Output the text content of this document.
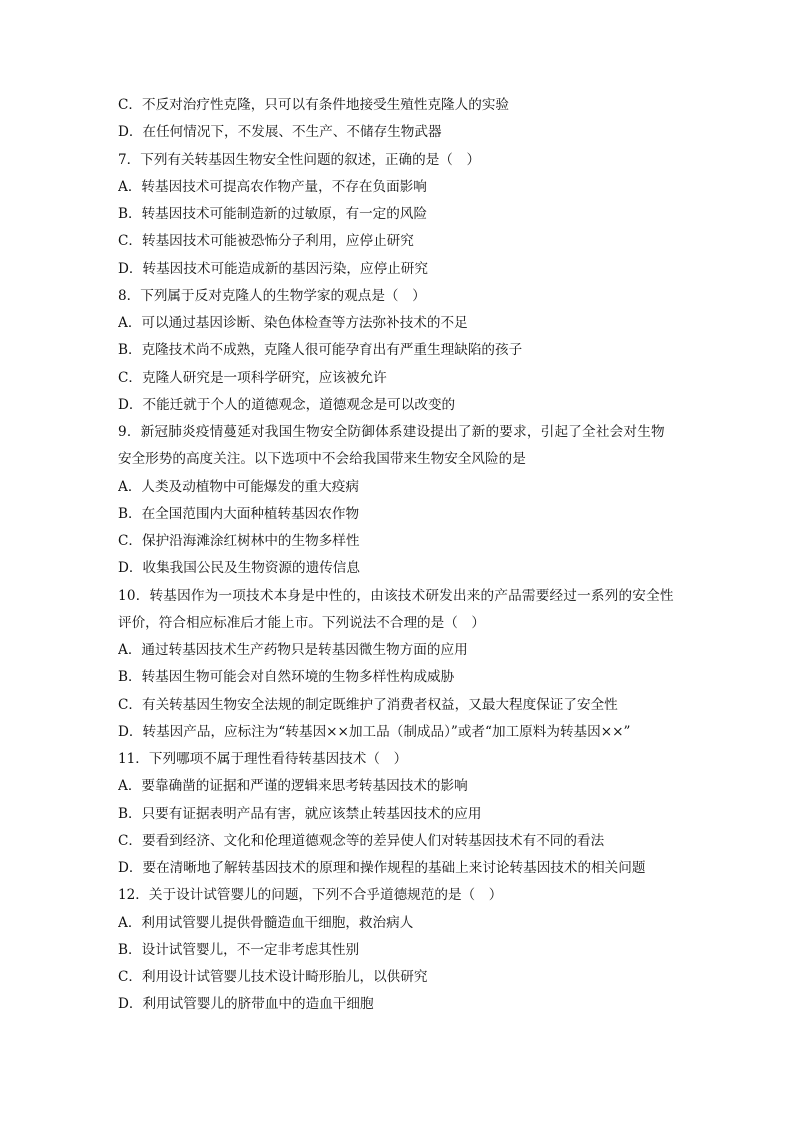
C．不反对治疗性克隆，只可以有条件地接受生殖性克隆人的实验
D．在任何情况下，不发展、不生产、不储存生物武器
7．下列有关转基因生物安全性问题的叙述，正确的是（　）
A．转基因技术可提高农作物产量，不存在负面影响
B．转基因技术可能制造新的过敏原，有一定的风险
C．转基因技术可能被恐怖分子利用，应停止研究
D．转基因技术可能造成新的基因污染，应停止研究
8．下列属于反对克隆人的生物学家的观点是（　）
A．可以通过基因诊断、染色体检查等方法弥补技术的不足
B．克隆技术尚不成熟，克隆人很可能孕育出有严重生理缺陷的孩子
C．克隆人研究是一项科学研究，应该被允许
D．不能迁就于个人的道德观念，道德观念是可以改变的
9．新冠肺炎疫情蔓延对我国生物安全防御体系建设提出了新的要求，引起了全社会对生物
安全形势的高度关注。以下选项中不会给我国带来生物安全风险的是
A．人类及动植物中可能爆发的重大疫病
B．在全国范围内大面种植转基因农作物
C．保护沿海滩涂红树林中的生物多样性
D．收集我国公民及生物资源的遗传信息
10．转基因作为一项技术本身是中性的，由该技术研发出来的产品需要经过一系列的安全性
评价，符合相应标准后才能上市。下列说法不合理的是（　）
A．通过转基因技术生产药物只是转基因微生物方面的应用
B．转基因生物可能会对自然环境的生物多样性构成威胁
C．有关转基因生物安全法规的制定既维护了消费者权益，又最大程度保证了安全性
D．转基因产品，应标注为“转基因××加工品（制成品）”或者“加工原料为转基因××”
11．下列哪项不属于理性看待转基因技术（　）
A．要靠确凿的证据和严谨的逻辑来思考转基因技术的影响
B．只要有证据表明产品有害，就应该禁止转基因技术的应用
C．要看到经济、文化和伦理道德观念等的差异使人们对转基因技术有不同的看法
D．要在清晰地了解转基因技术的原理和操作规程的基础上来讨论转基因技术的相关问题
12．关于设计试管婴儿的问题，下列不合乎道德规范的是（　）
A．利用试管婴儿提供骨髓造血干细胞，救治病人
B．设计试管婴儿，不一定非考虑其性别
C．利用设计试管婴儿技术设计畸形胎儿，以供研究
D．利用试管婴儿的脐带血中的造血干细胞
